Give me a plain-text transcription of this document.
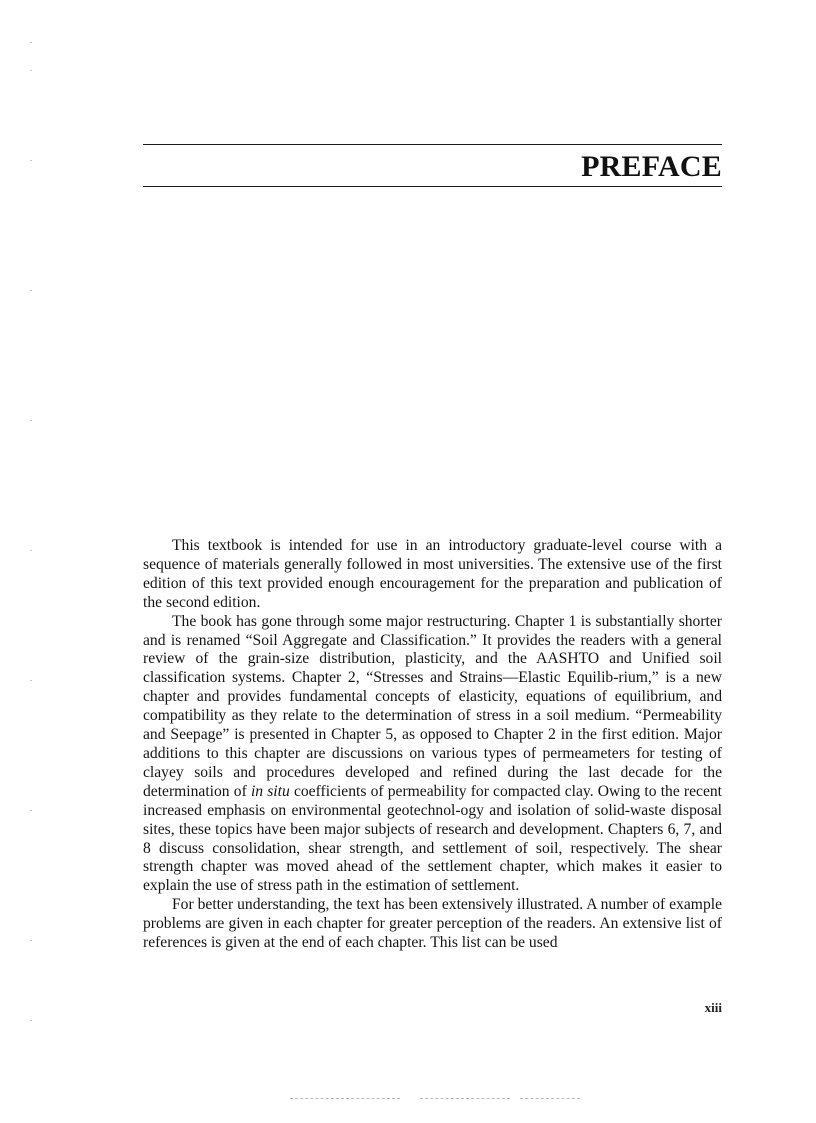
PREFACE

This textbook is intended for use in an introductory graduate-level course with a sequence of materials generally followed in most universities. The extensive use of the first edition of this text provided enough encouragement for the preparation and publication of the second edition.

The book has gone through some major restructuring. Chapter 1 is substantially shorter and is renamed “Soil Aggregate and Classification.” It provides the readers with a general review of the grain-size distribution, plasticity, and the AASHTO and Unified soil classification systems. Chapter 2, “Stresses and Strains—Elastic Equilib-rium,” is a new chapter and provides fundamental concepts of elasticity, equations of equilibrium, and compatibility as they relate to the determination of stress in a soil medium. “Permeability and Seepage” is presented in Chapter 5, as opposed to Chapter 2 in the first edition. Major additions to this chapter are discussions on various types of permeameters for testing of clayey soils and procedures developed and refined during the last decade for the determination of in situ coefficients of permeability for compacted clay. Owing to the recent increased emphasis on environmental geotechnol-ogy and isolation of solid-waste disposal sites, these topics have been major subjects of research and development. Chapters 6, 7, and 8 discuss consolidation, shear strength, and settlement of soil, respectively. The shear strength chapter was moved ahead of the settlement chapter, which makes it easier to explain the use of stress path in the estimation of settlement.

For better understanding, the text has been extensively illustrated. A number of example problems are given in each chapter for greater perception of the readers. An extensive list of references is given at the end of each chapter. This list can be used

xiii
